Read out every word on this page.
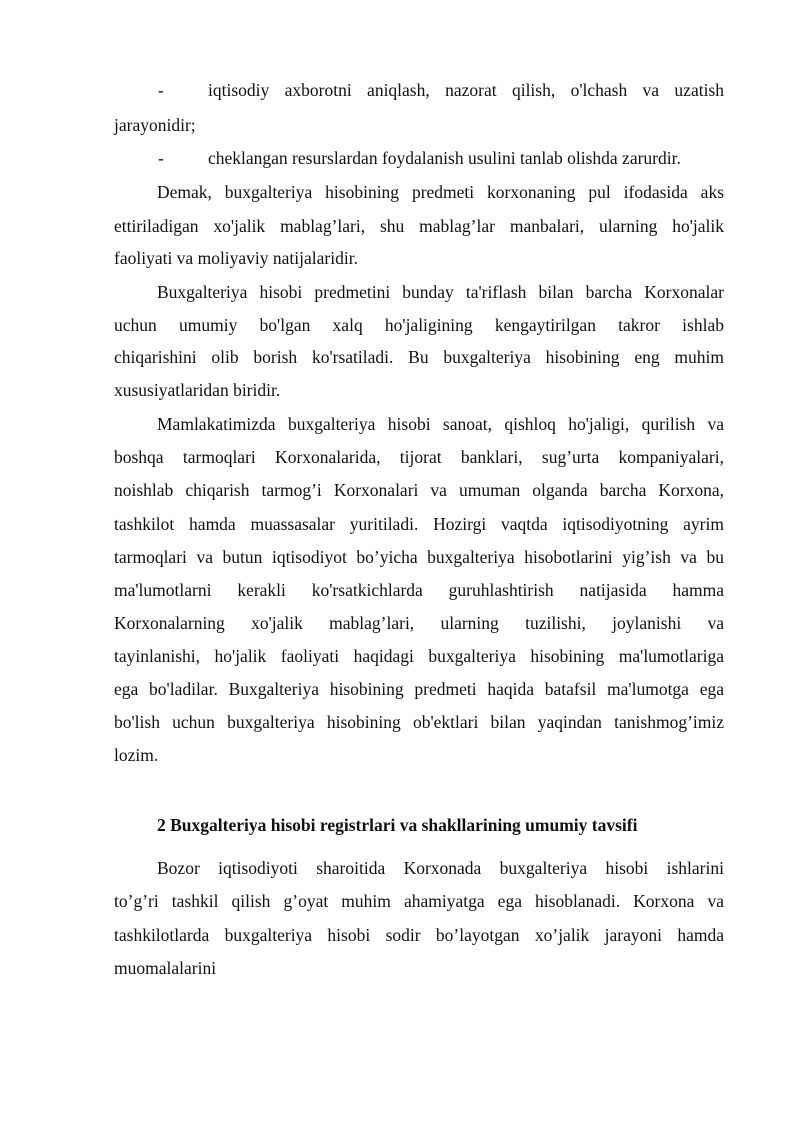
-	iqtisodiy axborotni aniqlash, nazorat qilish, o'lchash va uzatish
jarayonidir;
-	cheklangan resurslardan foydalanish usulini tanlab olishda zarurdir.
Demak, buxgalteriya hisobining predmeti korxonaning pul ifodasida aks
ettiriladigan xo'jalik mablag’lari, shu mablag’lar manbalari, ularning ho'jalik
faoliyati va moliyaviy natijalaridir.
Buxgalteriya hisobi predmetini bunday ta'riflash bilan barcha Korxonalar
uchun umumiy bo'lgan xalq ho'jaligining kengaytirilgan takror ishlab
chiqarishini olib borish ko'rsatiladi. Bu buxgalteriya hisobining eng muhim
xususiyatlaridan biridir.
Mamlakatimizda buxgalteriya hisobi sanoat, qishloq ho'jaligi, qurilish va
boshqa tarmoqlari Korxonalarida, tijorat banklari, sug’urta kompaniyalari,
noishlab chiqarish tarmog’i Korxonalari va umuman olganda barcha Korxona,
tashkilot hamda muassasalar yuritiladi. Hozirgi vaqtda iqtisodiyotning ayrim
tarmoqlari va butun iqtisodiyot bo’yicha buxgalteriya hisobotlarini yig’ish va bu
ma'lumotlarni kerakli ko'rsatkichlarda guruhlashtirish natijasida hamma
Korxonalarning xo'jalik mablag’lari, ularning tuzilishi, joylanishi va
tayinlanishi, ho'jalik faoliyati haqidagi buxgalteriya hisobining ma'lumotlariga
ega bo'ladilar. Buxgalteriya hisobining predmeti haqida batafsil ma'lumotga ega
bo'lish uchun buxgalteriya hisobining ob'ektlari bilan yaqindan tanishmog’imiz
lozim.
2 Buxgalteriya hisobi registrlari va shakllarining umumiy tavsifi
Bozor iqtisodiyoti sharoitida Korxonada buxgalteriya hisobi ishlarini
to’g’ri tashkil qilish g’oyat muhim ahamiyatga ega hisoblanadi. Korxona va
tashkilotlarda buxgalteriya hisobi sodir bo’layotgan xo’jalik jarayoni hamda
muomalalarini
